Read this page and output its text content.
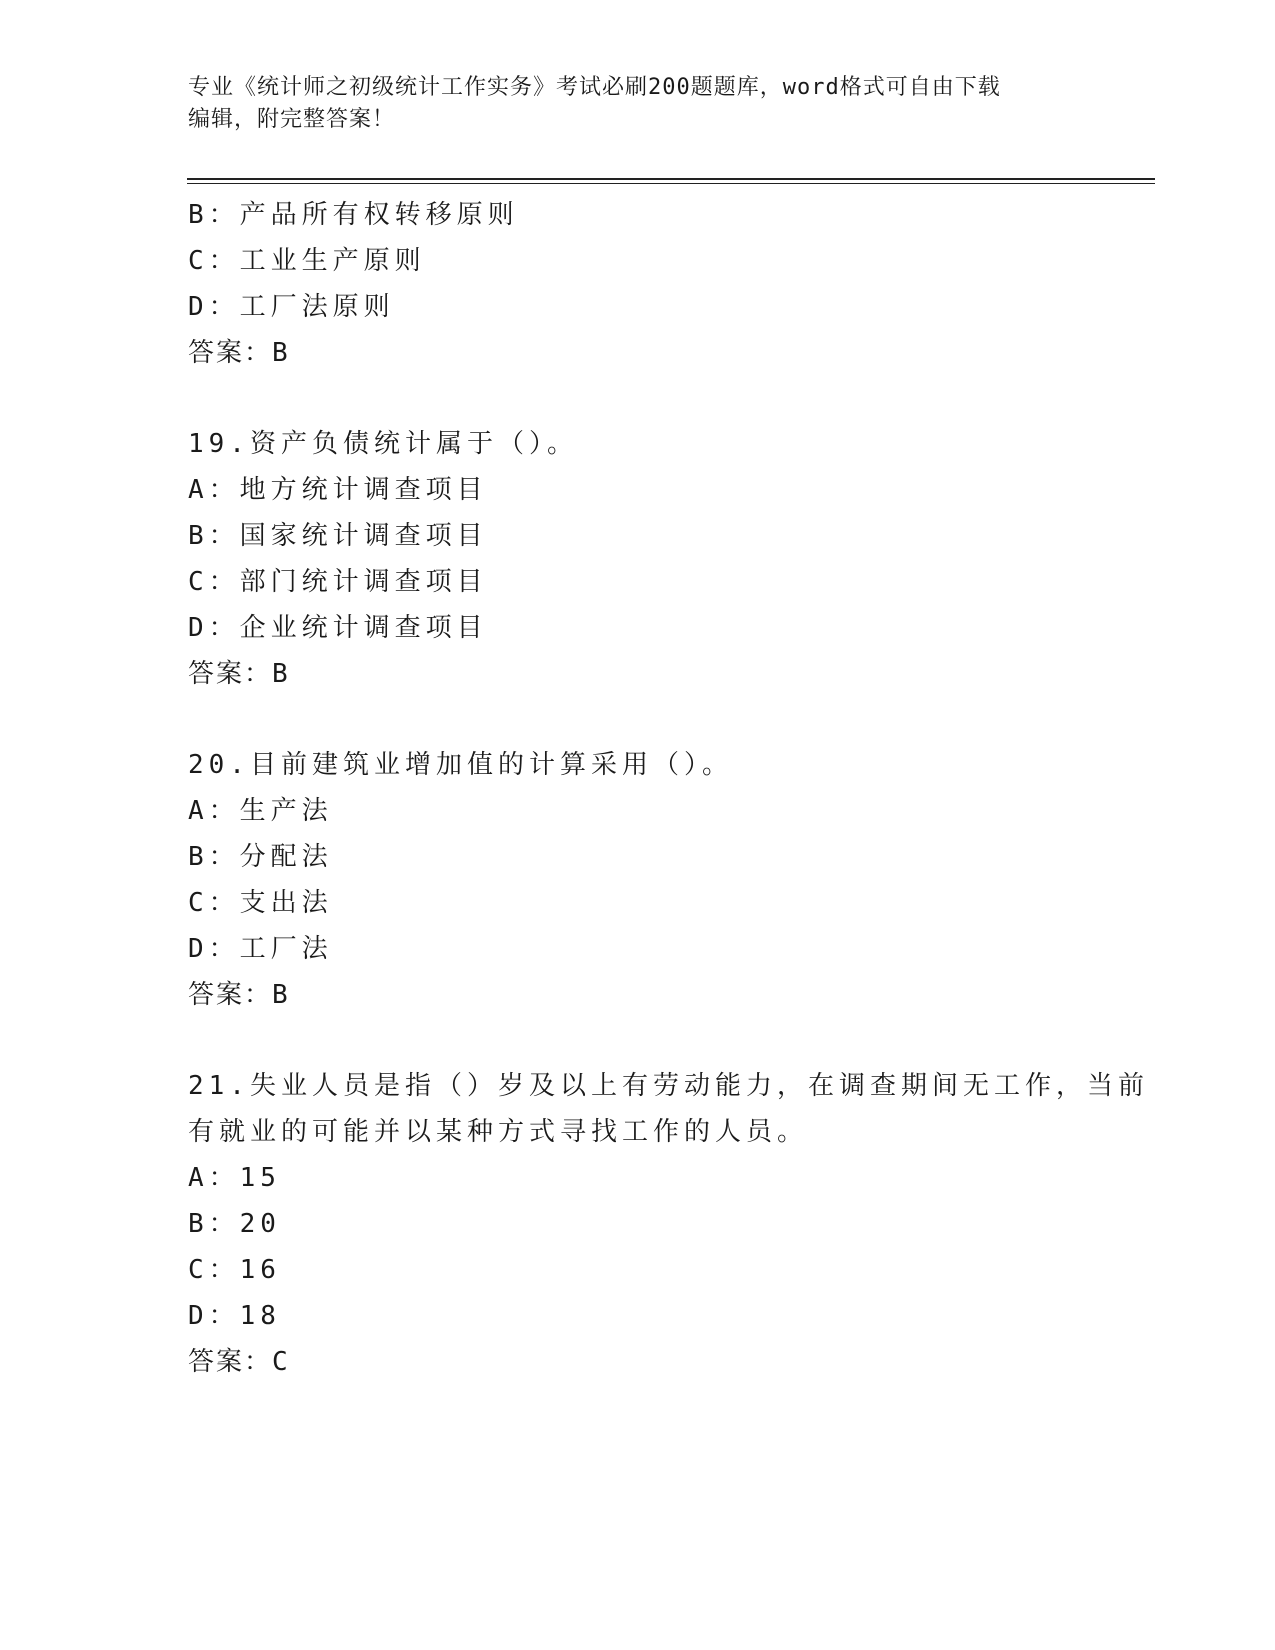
专业《统计师之初级统计工作实务》考试必刷200题题库，word格式可自由下载
编辑，附完整答案！
B：产品所有权转移原则
C：工业生产原则
D：工厂法原则
答案：B
19.资产负债统计属于（）。
A：地方统计调查项目
B：国家统计调查项目
C：部门统计调查项目
D：企业统计调查项目
答案：B
20.目前建筑业增加值的计算采用（）。
A：生产法
B：分配法
C：支出法
D：工厂法
答案：B
21.失业人员是指（）岁及以上有劳动能力，在调查期间无工作，当前
有就业的可能并以某种方式寻找工作的人员。
A：15
B：20
C：16
D：18
答案：C
